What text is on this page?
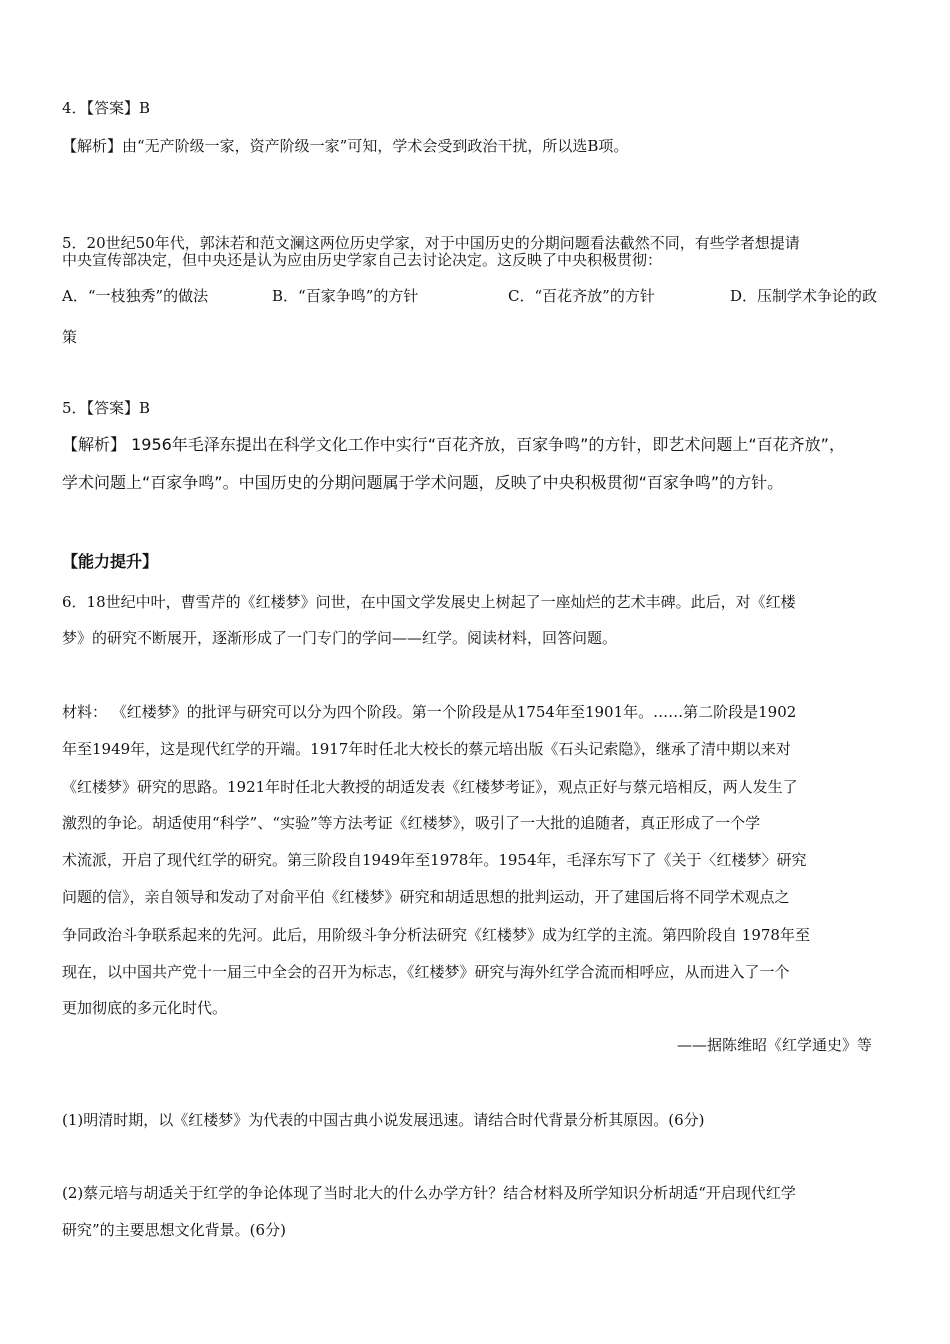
4．【答案】B
【解析】由“无产阶级一家，资产阶级一家”可知，学术会受到政治干扰，所以选B项。
5．20世纪50年代，郭沫若和范文澜这两位历史学家，对于中国历史的分期问题看法截然不同，有些学者想提请
中央宣传部决定，但中央还是认为应由历史学家自己去讨论决定。这反映了中央积极贯彻：
A．“一枝独秀”的做法	B．“百家争鸣”的方针	C．“百花齐放”的方针	D．压制学术争论的政
策
5．【答案】B
【解析】 1956年毛泽东提出在科学文化工作中实行“百花齐放，百家争鸣”的方针，即艺术问题上“百花齐放”，
学术问题上“百家争鸣”。中国历史的分期问题属于学术问题，反映了中央积极贯彻“百家争鸣”的方针。
【能力提升】
6．18世纪中叶，曹雪芹的《红楼梦》问世，在中国文学发展史上树起了一座灿烂的艺术丰碑。此后，对《红楼
梦》的研究不断展开，逐渐形成了一门专门的学问——红学。阅读材料，回答问题。
材料： 《红楼梦》的批评与研究可以分为四个阶段。第一个阶段是从1754年至1901年。……第二阶段是1902
年至1949年，这是现代红学的开端。1917年时任北大校长的蔡元培出版《石头记索隐》，继承了清中期以来对
《红楼梦》研究的思路。1921年时任北大教授的胡适发表《红楼梦考证》，观点正好与蔡元培相反，两人发生了
激烈的争论。胡适使用“科学”、“实验”等方法考证《红楼梦》，吸引了一大批的追随者，真正形成了一个学
术流派，开启了现代红学的研究。第三阶段自1949年至1978年。1954年，毛泽东写下了《关于〈红楼梦〉研究
问题的信》，亲自领导和发动了对俞平伯《红楼梦》研究和胡适思想的批判运动，开了建国后将不同学术观点之
争同政治斗争联系起来的先河。此后，用阶级斗争分析法研究《红楼梦》成为红学的主流。第四阶段自 1978年至
现在，以中国共产党十一届三中全会的召开为标志，《红楼梦》研究与海外红学合流而相呼应，从而进入了一个
更加彻底的多元化时代。
——据陈维昭《红学通史》等
(1)明清时期，以《红楼梦》为代表的中国古典小说发展迅速。请结合时代背景分析其原因。(6分)
(2)蔡元培与胡适关于红学的争论体现了当时北大的什么办学方针？结合材料及所学知识分析胡适“开启现代红学
研究”的主要思想文化背景。(6分)
